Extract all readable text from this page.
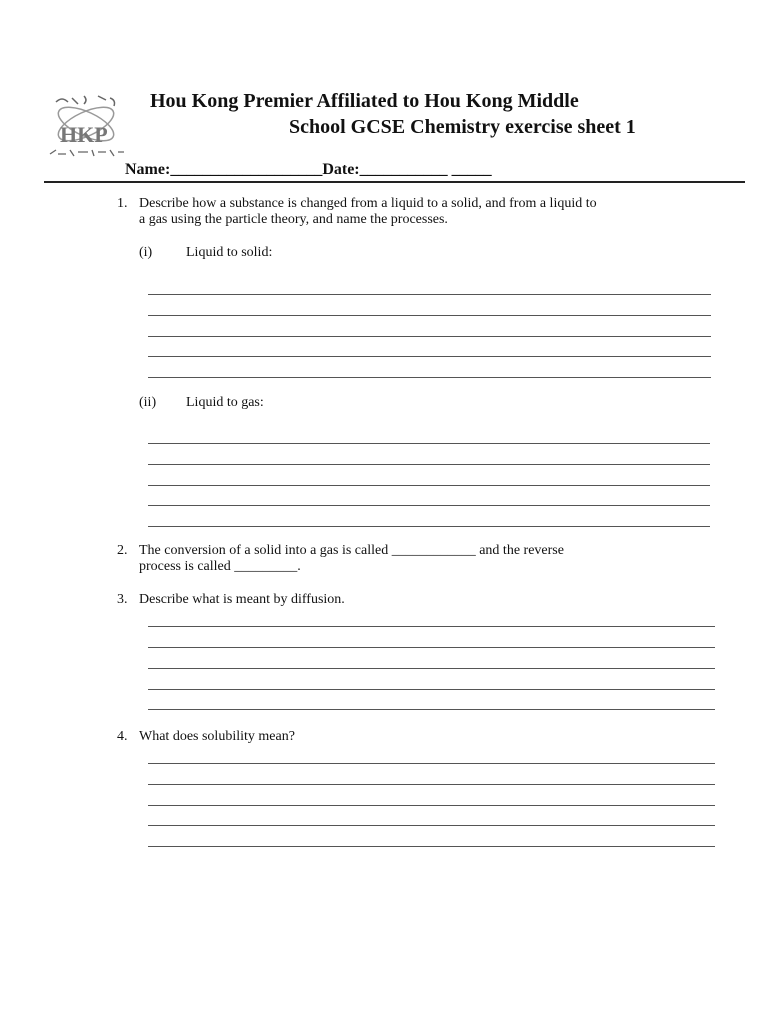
HKP
Hou Kong Premier Affiliated to Hou Kong Middle
School GCSE Chemistry exercise sheet 1
Name:___________________Date:___________ _____
1. Describe how a substance is changed from a liquid to a solid, and from a liquid to
a gas using the particle theory, and name the processes.
(i) Liquid to solid:
(ii) Liquid to gas:
2. The conversion of a solid into a gas is called ____________ and the reverse
process is called _________.
3. Describe what is meant by diffusion.
4. What does solubility mean?
